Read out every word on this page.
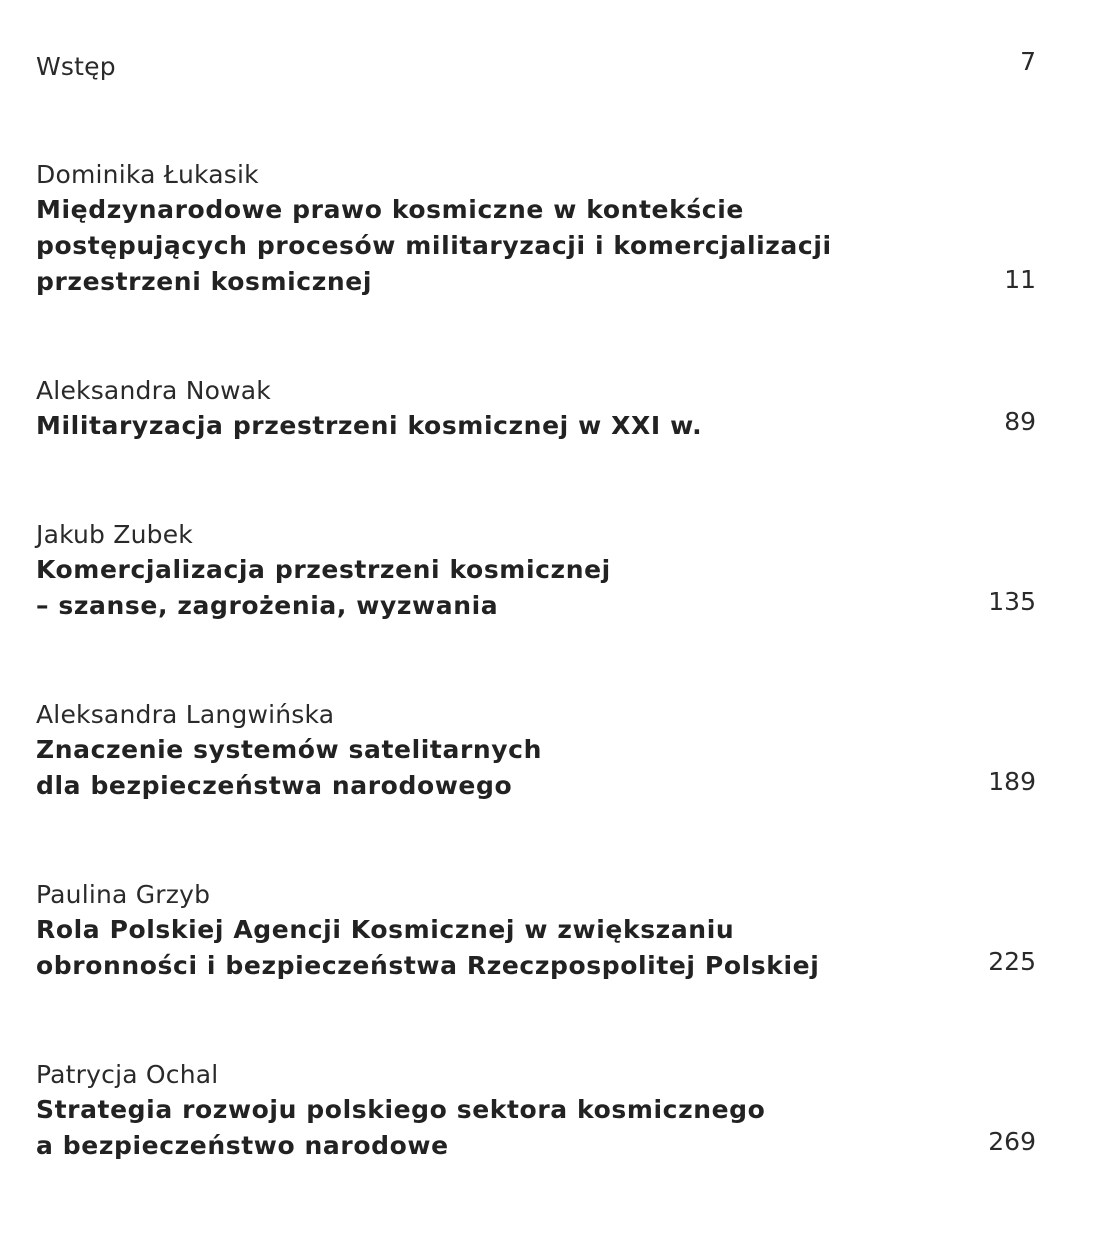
Wstęp	7
Dominika Łukasik
Międzynarodowe prawo kosmiczne w kontekście
postępujących procesów militaryzacji i komercjalizacji
przestrzeni kosmicznej	11
Aleksandra Nowak
Militaryzacja przestrzeni kosmicznej w XXI w.	89
Jakub Zubek
Komercjalizacja przestrzeni kosmicznej
– szanse, zagrożenia, wyzwania	135
Aleksandra Langwińska
Znaczenie systemów satelitarnych
dla bezpieczeństwa narodowego	189
Paulina Grzyb
Rola Polskiej Agencji Kosmicznej w zwiększaniu
obronności i bezpieczeństwa Rzeczpospolitej Polskiej	225
Patrycja Ochal
Strategia rozwoju polskiego sektora kosmicznego
a bezpieczeństwo narodowe	269
